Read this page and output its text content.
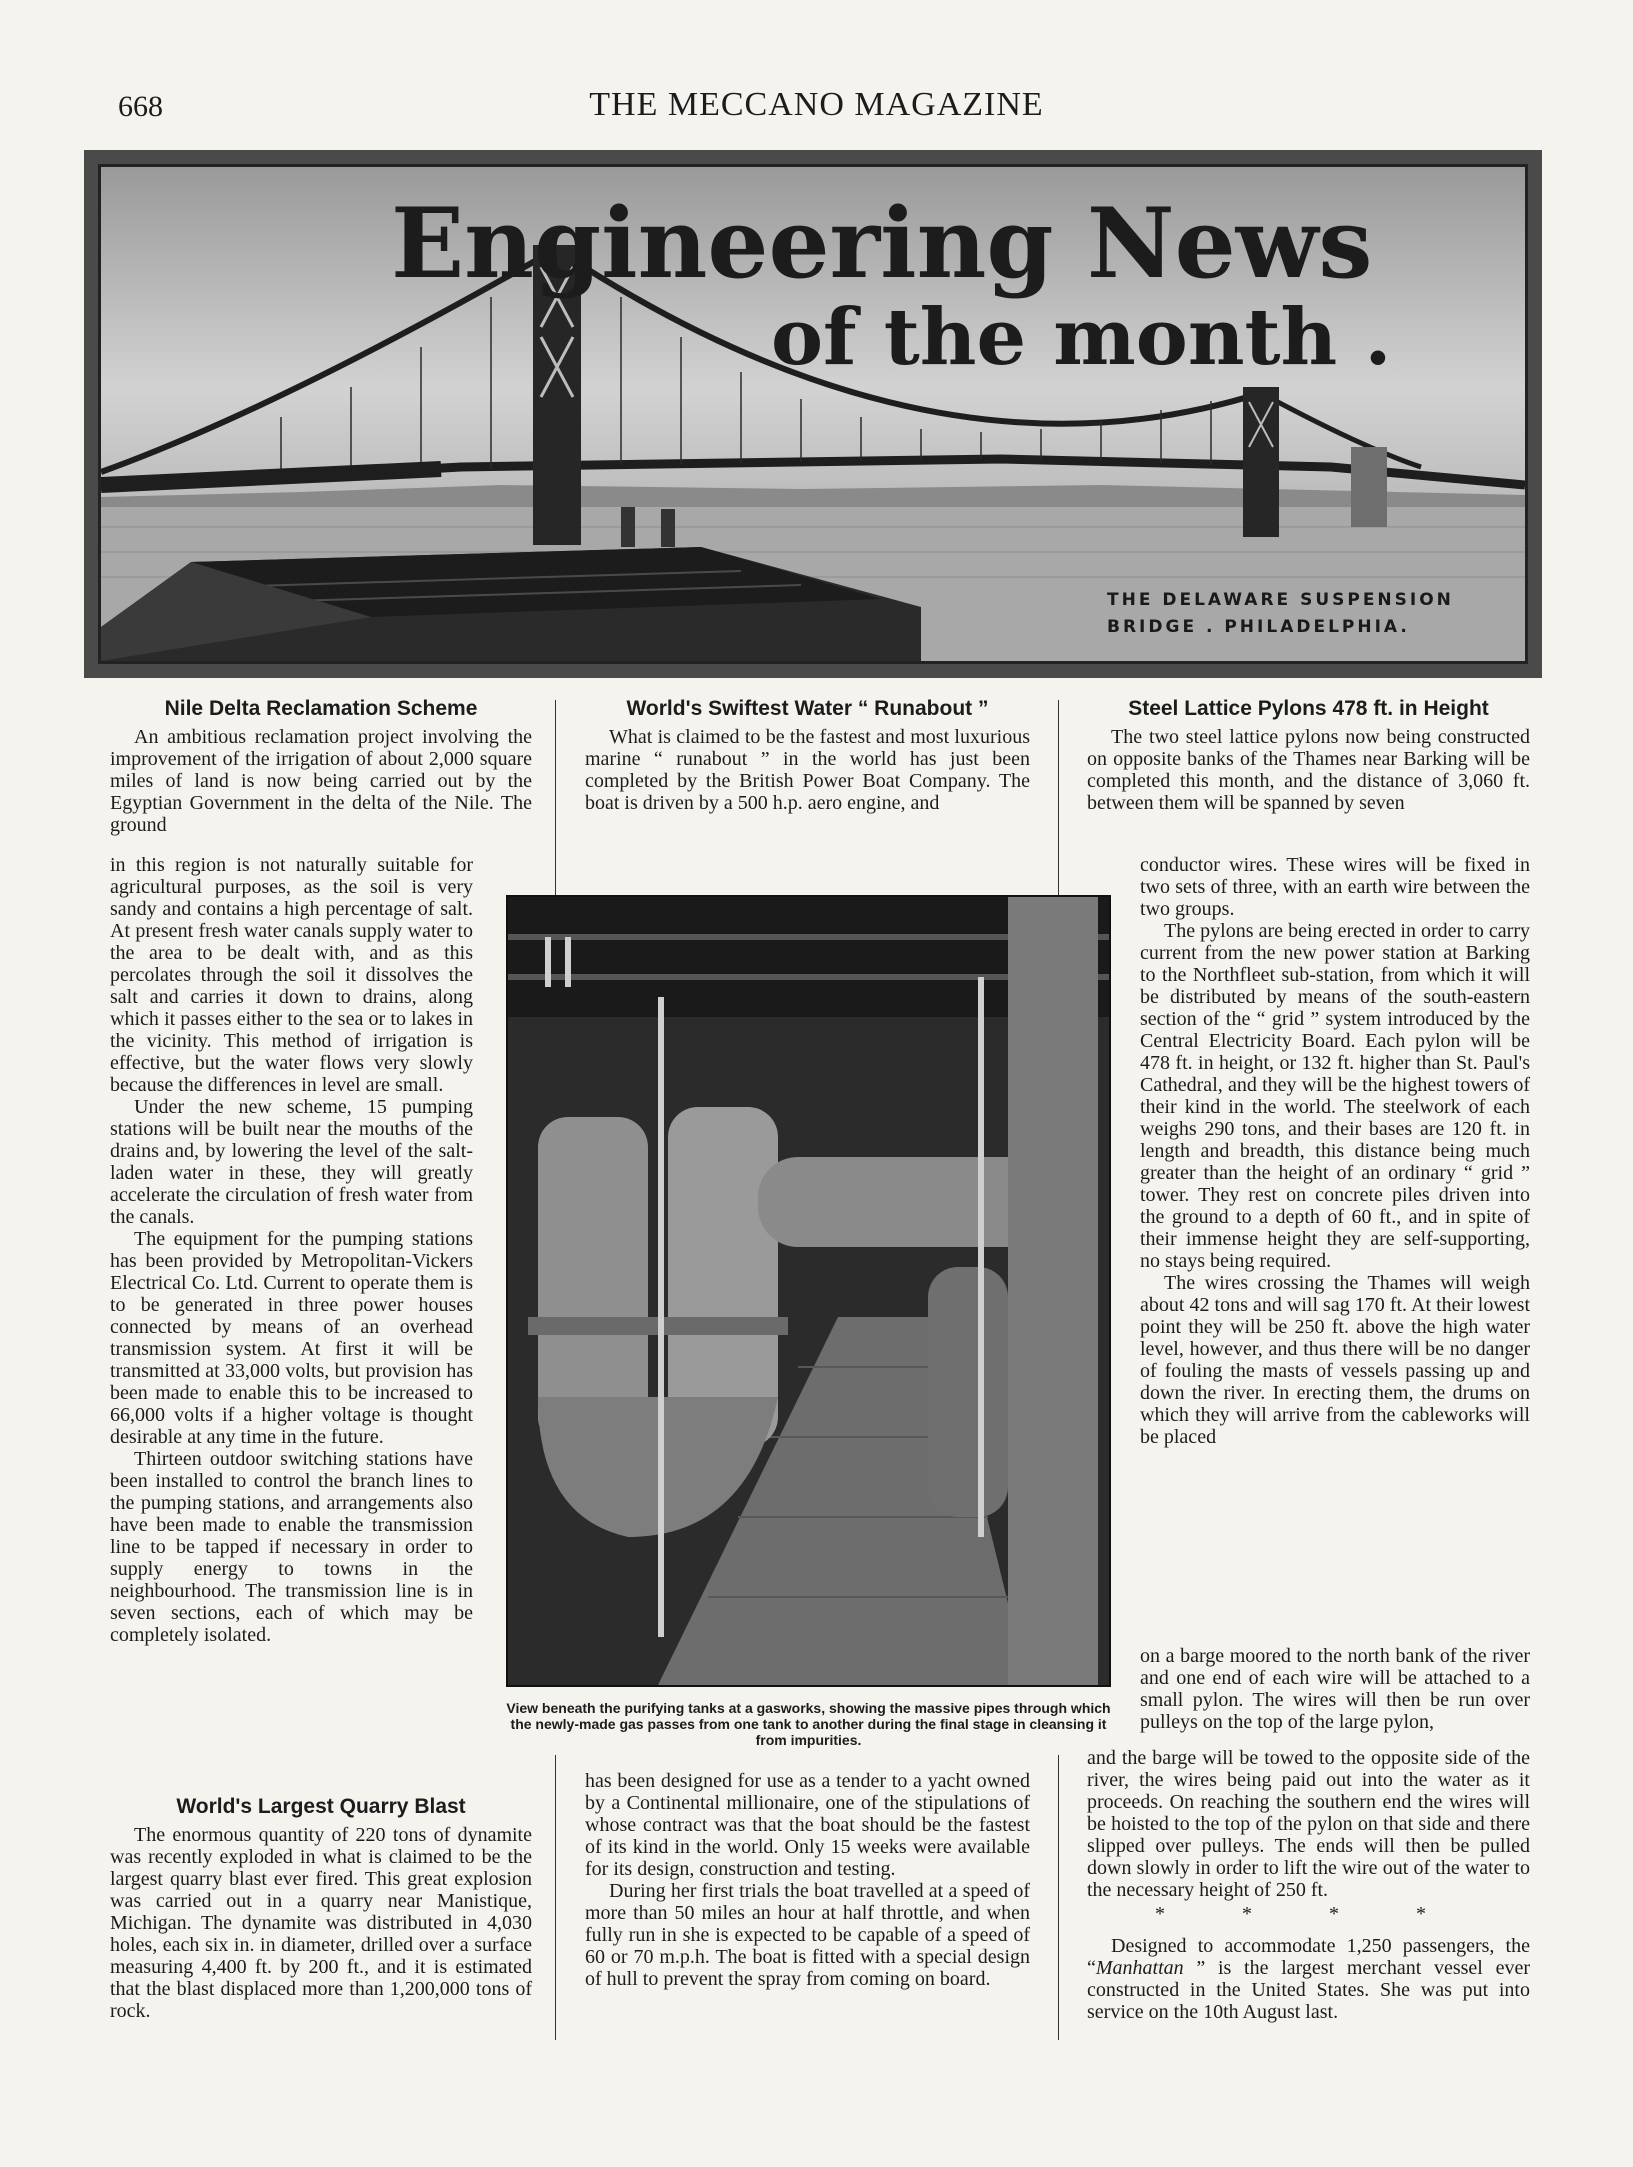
668	THE MECCANO MAGAZINE
Engineering News
of the month .
THE DELAWARE SUSPENSION
BRIDGE . PHILADELPHIA.
Nile Delta Reclamation Scheme

An ambitious reclamation project involving the improvement of the irrigation of about 2,000 square miles of land is now being carried out by the Egyptian Government in the delta of the Nile. The ground

in this region is not naturally suitable for agricultural purposes, as the soil is very sandy and contains a high percentage of salt. At present fresh water canals supply water to the area to be dealt with, and as this percolates through the soil it dissolves the salt and carries it down to drains, along which it passes either to the sea or to lakes in the vicinity. This method of irrigation is effective, but the water flows very slowly because the differences in level are small.

Under the new scheme, 15 pumping stations will be built near the mouths of the drains and, by lowering the level of the salt-laden water in these, they will greatly accelerate the circulation of fresh water from the canals.

The equipment for the pumping stations has been provided by Metropolitan-Vickers Electrical Co. Ltd. Current to operate them is to be generated in three power houses connected by means of an overhead transmission system. At first it will be transmitted at 33,000 volts, but provision has been made to enable this to be increased to 66,000 volts if a higher voltage is thought desirable at any time in the future.

Thirteen outdoor switching stations have been installed to control the branch lines to the pumping stations, and arrangements also have been made to enable the transmission line to be tapped if necessary in order to supply energy to towns in the neighbourhood. The transmission line is in seven sections, each of which may be completely isolated.

World's Largest Quarry Blast

The enormous quantity of 220 tons of dynamite was recently exploded in what is claimed to be the largest quarry blast ever fired. This great explosion was carried out in a quarry near Manistique, Michigan. The dynamite was distributed in 4,030 holes, each six in. in diameter, drilled over a surface measuring 4,400 ft. by 200 ft., and it is estimated that the blast displaced more than 1,200,000 tons of rock.

World's Swiftest Water “ Runabout ”

What is claimed to be the fastest and most luxurious marine “ runabout ” in the world has just been completed by the British Power Boat Company. The boat is driven by a 500 h.p. aero engine, and

View beneath the purifying tanks at a gasworks, showing the massive pipes through which the newly-made gas passes from one tank to another during the final stage in cleansing it from impurities.

has been designed for use as a tender to a yacht owned by a Continental millionaire, one of the stipulations of whose contract was that the boat should be the fastest of its kind in the world. Only 15 weeks were available for its design, construction and testing.

During her first trials the boat travelled at a speed of more than 50 miles an hour at half throttle, and when fully run in she is expected to be capable of a speed of 60 or 70 m.p.h. The boat is fitted with a special design of hull to prevent the spray from coming on board.

Steel Lattice Pylons 478 ft. in Height

The two steel lattice pylons now being constructed on opposite banks of the Thames near Barking will be completed this month, and the distance of 3,060 ft. between them will be spanned by seven

conductor wires. These wires will be fixed in two sets of three, with an earth wire between the two groups.

The pylons are being erected in order to carry current from the new power station at Barking to the Northfleet sub-station, from which it will be distributed by means of the south-eastern section of the “ grid ” system introduced by the Central Electricity Board. Each pylon will be 478 ft. in height, or 132 ft. higher than St. Paul's Cathedral, and they will be the highest towers of their kind in the world. The steelwork of each weighs 290 tons, and their bases are 120 ft. in length and breadth, this distance being much greater than the height of an ordinary “ grid ” tower. They rest on concrete piles driven into the ground to a depth of 60 ft., and in spite of their immense height they are self-supporting, no stays being required.

The wires crossing the Thames will weigh about 42 tons and will sag 170 ft. At their lowest point they will be 250 ft. above the high water level, however, and thus there will be no danger of fouling the masts of vessels passing up and down the river. In erecting them, the drums on which they will arrive from the cableworks will be placed

on a barge moored to the north bank of the river and one end of each wire will be attached to a small pylon. The wires will then be run over pulleys on the top of the large pylon,

and the barge will be towed to the opposite side of the river, the wires being paid out into the water as it proceeds. On reaching the southern end the wires will be hoisted to the top of the pylon on that side and there slipped over pulleys. The ends will then be pulled down slowly in order to lift the wire out of the water to the necessary height of 250 ft.

* * * *

Designed to accommodate 1,250 passengers, the “Manhattan ” is the largest merchant vessel ever constructed in the United States. She was put into service on the 10th August last.
